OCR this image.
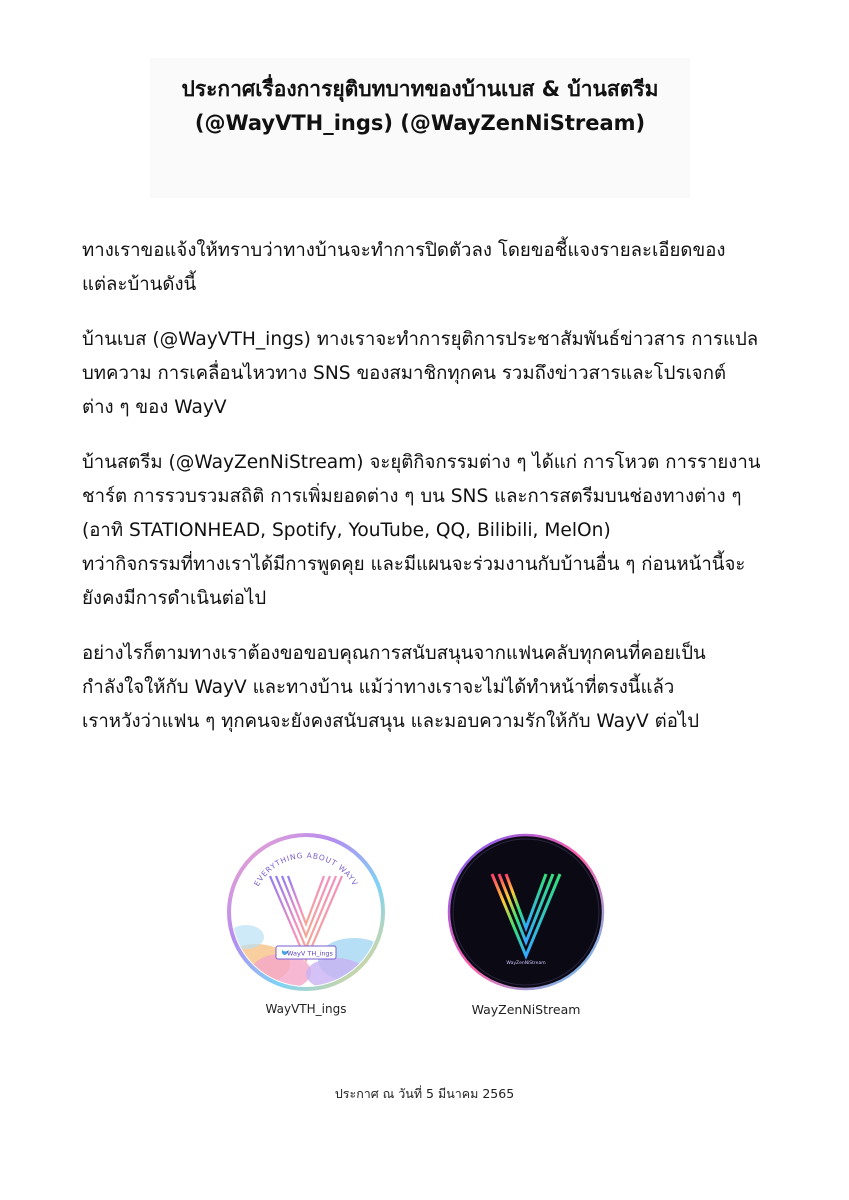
ประกาศเรื่องการยุติบทบาทของบ้านเบส & บ้านสตรีม
(@WayVTH_ings) (@WayZenNiStream)

ทางเราขอแจ้งให้ทราบว่าทางบ้านจะทำการปิดตัวลง โดยขอชี้แจงรายละเอียดของ
แต่ละบ้านดังนี้

บ้านเบส (@WayVTH_ings) ทางเราจะทำการยุติการประชาสัมพันธ์ข่าวสาร การแปล
บทความ การเคลื่อนไหวทาง SNS ของสมาชิกทุกคน รวมถึงข่าวสารและโปรเจกต์
ต่าง ๆ ของ WayV

บ้านสตรีม (@WayZenNiStream) จะยุติกิจกรรมต่าง ๆ ได้แก่ การโหวต การรายงาน
ชาร์ต การรวบรวมสถิติ การเพิ่มยอดต่าง ๆ บน SNS และการสตรีมบนช่องทางต่าง ๆ
(อาทิ STATIONHEAD, Spotify, YouTube, QQ, Bilibili, MelOn)
ทว่ากิจกรรมที่ทางเราได้มีการพูดคุย และมีแผนจะร่วมงานกับบ้านอื่น ๆ ก่อนหน้านี้จะ
ยังคงมีการดำเนินต่อไป

อย่างไรก็ตามทางเราต้องขอขอบคุณการสนับสนุนจากแฟนคลับทุกคนที่คอยเป็น
กำลังใจให้กับ WayV และทางบ้าน แม้ว่าทางเราจะไม่ได้ทำหน้าที่ตรงนี้แล้ว
เราหวังว่าแฟน ๆ ทุกคนจะยังคงสนับสนุน และมอบความรักให้กับ WayV ต่อไป

EVERYTHING ABOUT WAYV
WayV TH_ings
WayVTH_ings
WayZenNiStream
WayZenNiStream
ประกาศ ณ วันที่ 5 มีนาคม 2565
